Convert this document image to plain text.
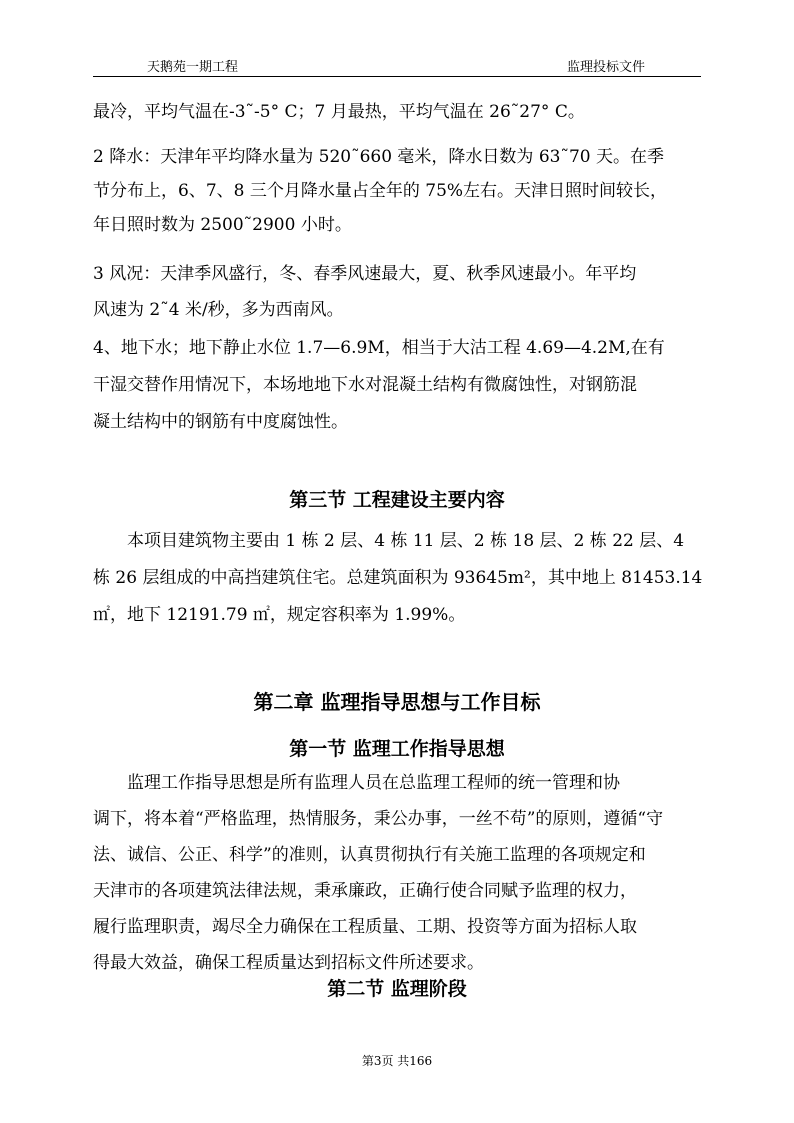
天鹅苑一期工程	监理投标文件
最冷，平均气温在-3˜-5° C；7 月最热，平均气温在 26˜27° C。
2 降水：天津年平均降水量为 520˜660 毫米，降水日数为 63˜70 天。在季
节分布上，6、7、8 三个月降水量占全年的 75%左右。天津日照时间较长，
年日照时数为 2500˜2900 小时。
3 风况：天津季风盛行，冬、春季风速最大，夏、秋季风速最小。年平均
风速为 2˜4 米/秒，多为西南风。
4、地下水；地下静止水位 1.7—6.9M，相当于大沽工程 4.69—4.2M,在有
干湿交替作用情况下，本场地地下水对混凝土结构有微腐蚀性，对钢筋混
凝土结构中的钢筋有中度腐蚀性。
第三节 工程建设主要内容
　　本项目建筑物主要由 1 栋 2 层、4 栋 11 层、2 栋 18 层、2 栋 22 层、4
栋 26 层组成的中高挡建筑住宅。总建筑面积为 93645m²，其中地上 81453.14
㎡，地下 12191.79 ㎡，规定容积率为 1.99%。
第二章 监理指导思想与工作目标
第一节 监理工作指导思想
　　监理工作指导思想是所有监理人员在总监理工程师的统一管理和协
调下，将本着“严格监理，热情服务，秉公办事，一丝不苟”的原则，遵循“守
法、诚信、公正、科学”的准则，认真贯彻执行有关施工监理的各项规定和
天津市的各项建筑法律法规，秉承廉政，正确行使合同赋予监理的权力，
履行监理职责，竭尽全力确保在工程质量、工期、投资等方面为招标人取
得最大效益，确保工程质量达到招标文件所述要求。
第二节 监理阶段
第3页 共166
